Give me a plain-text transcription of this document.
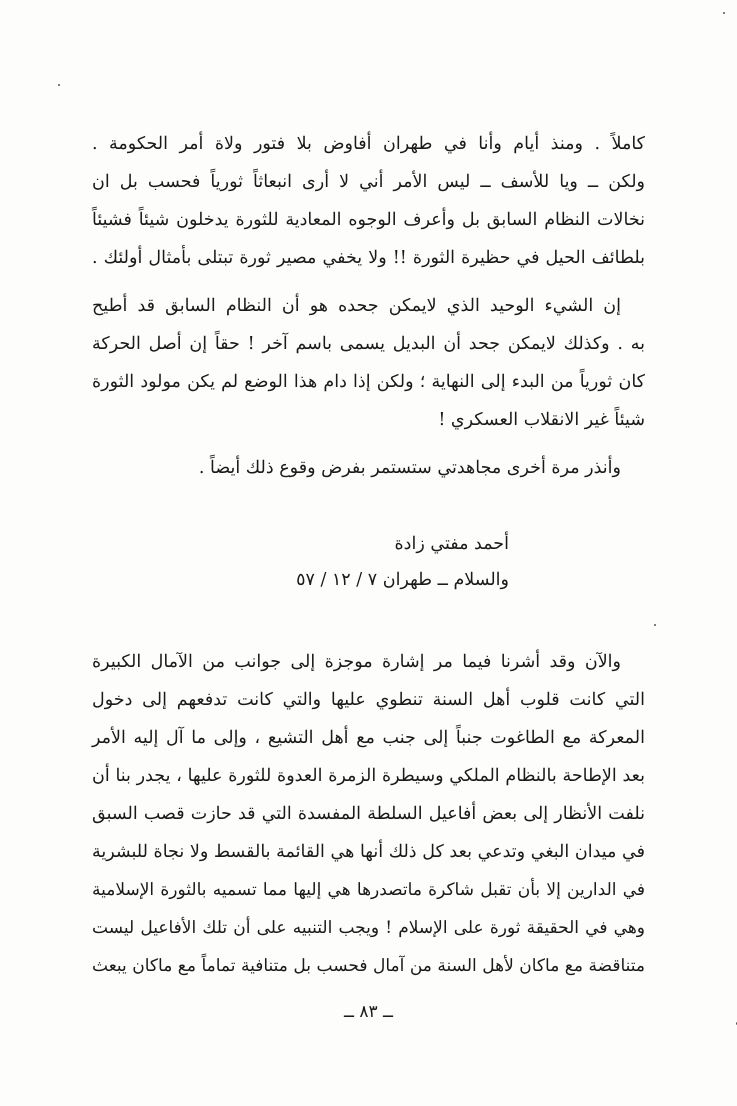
كاملاً . ومنذ أيام وأنا في طهران أفاوض بلا فتور ولاة أمر الحكومة .
ولكن ــ ويا للأسف ــ ليس الأمر أني لا أرى انبعاثاً ثورياً فحسب بل ان
نخالات النظام السابق بل وأعرف الوجوه المعادية للثورة يدخلون شيئاً فشيئاً
بلطائف الحيل في حظيرة الثورة !! ولا يخفي مصير ثورة تبتلى بأمثال أولئك .
إن الشيء الوحيد الذي لايمكن جحده هو أن النظام السابق قد أطيح
به . وكذلك لايمكن جحد أن البديل يسمى باسم آخر ! حقاً إن أصل الحركة
كان ثورياً من البدء إلى النهاية ؛ ولكن إذا دام هذا الوضع لم يكن مولود الثورة
شيئاً غير الانقلاب العسكري !
وأنذر مرة أخرى مجاهدتي ستستمر بفرض وقوع ذلك أيضاً .
أحمد مفتي زادة
والسلام ــ طهران ٧ / ١٢ / ٥٧
والآن وقد أشرنا فيما مر إشارة موجزة إلى جوانب من الآمال الكبيرة
التي كانت قلوب أهل السنة تنطوي عليها والتي كانت تدفعهم إلى دخول
المعركة مع الطاغوت جنباً إلى جنب مع أهل التشيع ، وإلى ما آل إليه الأمر
بعد الإطاحة بالنظام الملكي وسيطرة الزمرة العدوة للثورة عليها ، يجدر بنا أن
نلفت الأنظار إلى بعض أفاعيل السلطة المفسدة التي قد حازت قصب السبق
في ميدان البغي وتدعي بعد كل ذلك أنها هي القائمة بالقسط ولا نجاة للبشرية
في الدارين إلا بأن تقبل شاكرة ماتصدرها هي إليها مما تسميه بالثورة الإسلامية
وهي في الحقيقة ثورة على الإسلام ! ويجب التنبيه على أن تلك الأفاعيل ليست
متناقضة مع ماكان لأهل السنة من آمال فحسب بل متنافية تماماً مع ماكان يبعث
ــ ٨٣ ــ
